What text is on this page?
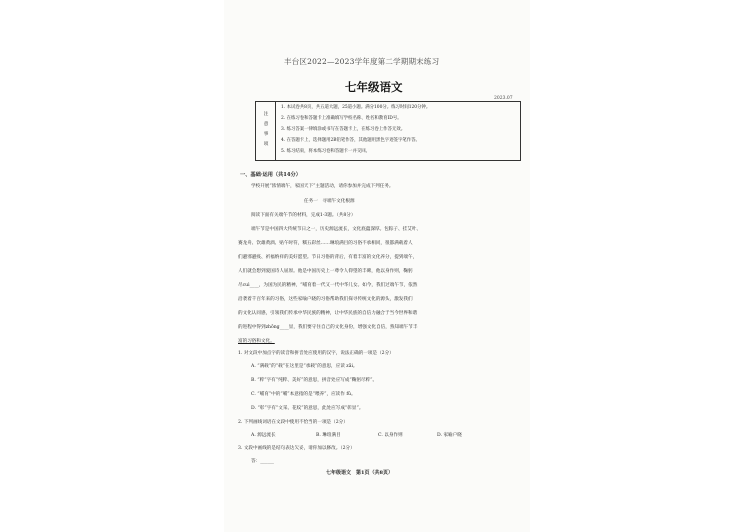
丰台区2022—2023学年度第二学期期末练习
七年级语文
2023.07
注
意
事
项
1. 本试卷共8页，共五道大题，25道小题。满分100分。练习时间120分钟。
2. 在练习卷和答题卡上准确填写学校名称、姓名和教育ID号。
3. 练习答案一律填涂或书写在答题卡上，在练习卷上作答无效。
4. 在答题卡上，选择题用2B铅笔作答，其他题用黑色字迹签字笔作答。
5. 练习结束，将本练习卷和答题卡一并交回。
一、基础·运用（共14分）
学校开展“浓情端午，家国天下”主题活动，请你参加并完成下列任务。
任务一　寻端午文化根源
阅读下面有关端午节的材料，完成1-3题。（共8分）
端午节是中国四大传统节日之一，历史源远流长，文化底蕴深厚。包粽子、挂艾叶、
赛龙舟、饮雄黄酒、贴午时符，糯五彩丝……琳琅满目的习俗不承相同，很都满载着人
们避邪避疫、祈福纳祥的美好愿望。节日习俗的背后，有着丰富的文化养分，提到端午，
人们就会想到爱国诗人屈原。他是中国历史上一尊令人仰望的丰碑，他以身作则，鞠躬
尽cuì____，为国为民的精神，“哺育着一代又一代中华儿女。如今，我们过端午节，依然
沿袭着千百年来的习俗，这些家喻户晓的习俗帮助我们探寻传统文化的源头，激发我们
的文化认同感，引领我们传承中华民族的精神，让中华民族的自信力融合于当今世界和谐
的进程中得到zhōng____显，我们要守住自己的文化身份，增强文化自信，熟知端午节丰
富的习俗和文化。
1. 对文段中加点字的读音和拼音处应使用的汉字，说法正确的一项是（2分）
A. “满载”的“载”在这里是“承载”的意思，应读 zǎi。
B. “粹”字有“纯粹、美好”的意思，拼音处应写成“鞠躬尽粹”。
C. “哺育”中的“哺”本意指的是“喂养”，应读作 fǔ。
D. “彰”字有“文采、花纹”的意思，此处应写成“彰显”。
2. 下列画线词语在文段中使用不恰当的一项是（2分）
A. 源远流长	B. 琳琅满目	C. 以身作则	D. 家喻户晓
3. 文段中画线的是结句表达欠妥，请你加以修改。（2分）
答：______
七年级语文　第1页（共8页）
